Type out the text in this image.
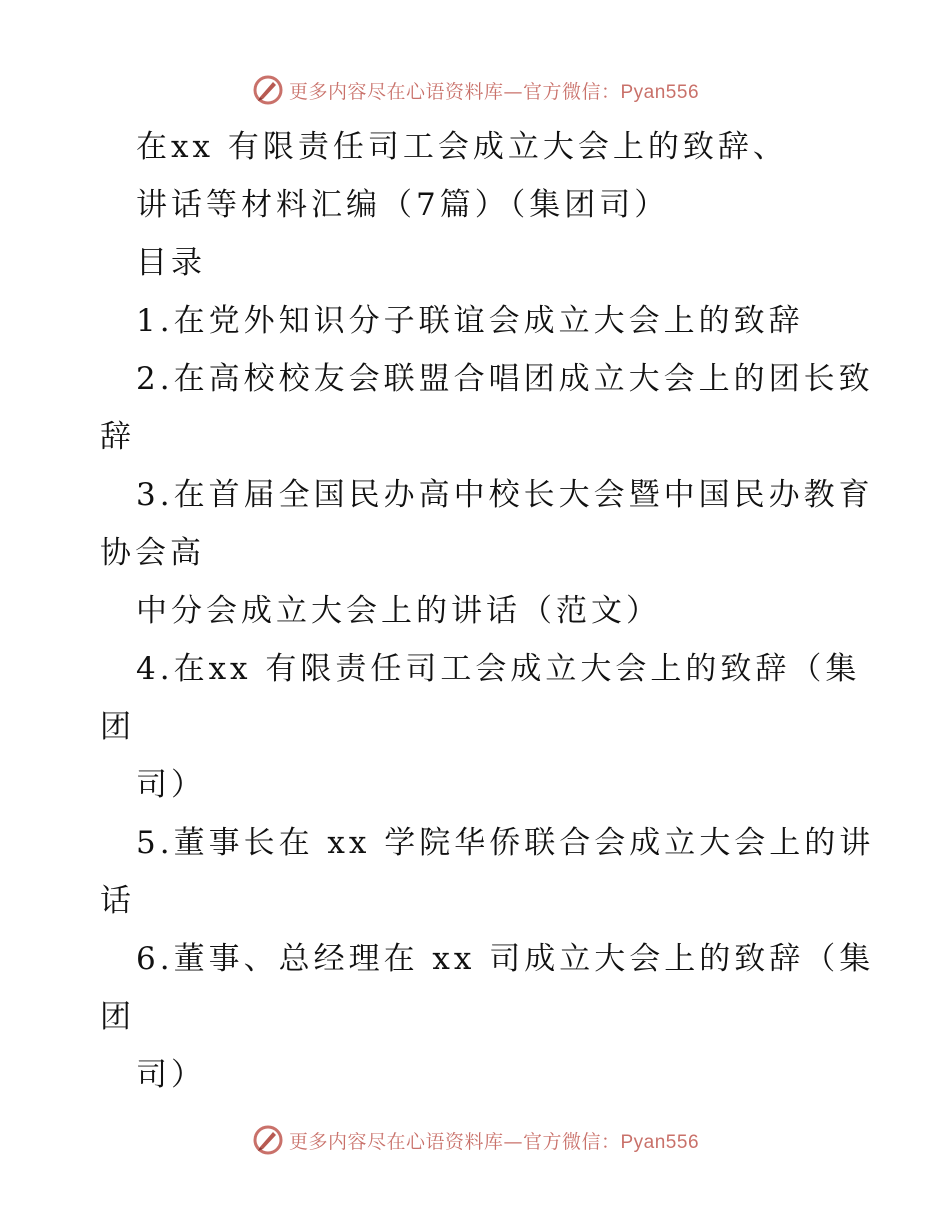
更多内容尽在心语资料库—官方微信：Pyan556
在xx 有限责任司工会成立大会上的致辞、
讲话等材料汇编（7篇）（集团司）
目录
1.在党外知识分子联谊会成立大会上的致辞
2.在高校校友会联盟合唱团成立大会上的团长致
辞
3.在首届全国民办高中校长大会暨中国民办教育
协会高
中分会成立大会上的讲话（范文）
4.在xx 有限责任司工会成立大会上的致辞（集
团
司）
5.董事长在 xx 学院华侨联合会成立大会上的讲
话
6.董事、总经理在 xx 司成立大会上的致辞（集
团
司）
更多内容尽在心语资料库—官方微信：Pyan556
